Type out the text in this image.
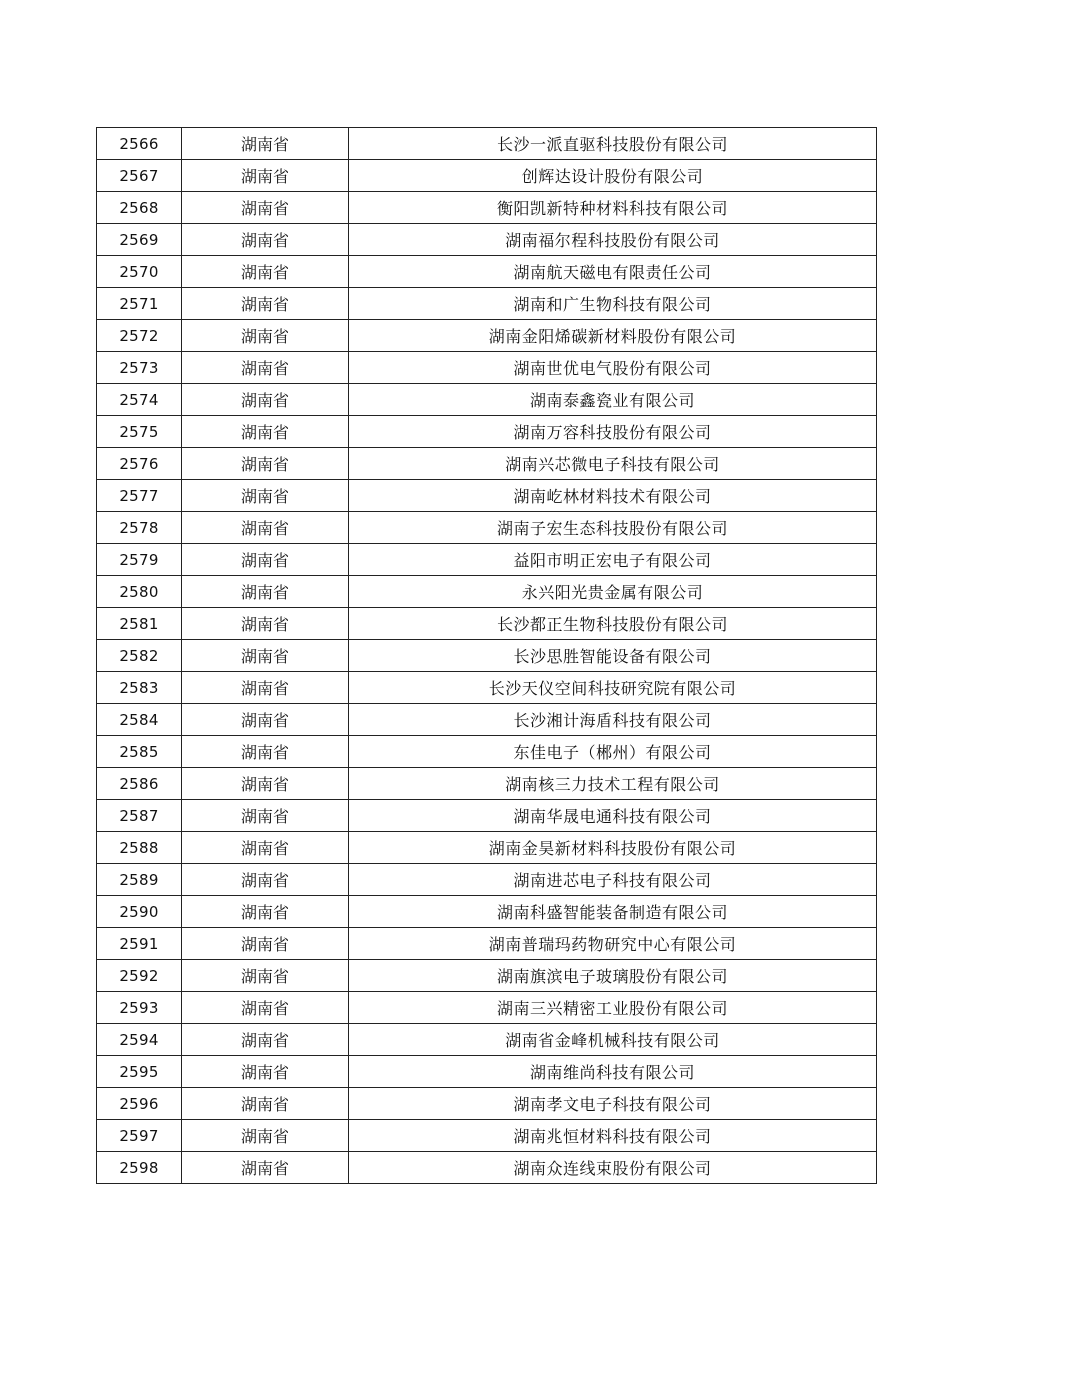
2566	湖南省	长沙一派直驱科技股份有限公司
2567	湖南省	创辉达设计股份有限公司
2568	湖南省	衡阳凯新特种材料科技有限公司
2569	湖南省	湖南福尔程科技股份有限公司
2570	湖南省	湖南航天磁电有限责任公司
2571	湖南省	湖南和广生物科技有限公司
2572	湖南省	湖南金阳烯碳新材料股份有限公司
2573	湖南省	湖南世优电气股份有限公司
2574	湖南省	湖南泰鑫瓷业有限公司
2575	湖南省	湖南万容科技股份有限公司
2576	湖南省	湖南兴芯微电子科技有限公司
2577	湖南省	湖南屹林材料技术有限公司
2578	湖南省	湖南子宏生态科技股份有限公司
2579	湖南省	益阳市明正宏电子有限公司
2580	湖南省	永兴阳光贵金属有限公司
2581	湖南省	长沙都正生物科技股份有限公司
2582	湖南省	长沙思胜智能设备有限公司
2583	湖南省	长沙天仪空间科技研究院有限公司
2584	湖南省	长沙湘计海盾科技有限公司
2585	湖南省	东佳电子（郴州）有限公司
2586	湖南省	湖南核三力技术工程有限公司
2587	湖南省	湖南华晟电通科技有限公司
2588	湖南省	湖南金昊新材料科技股份有限公司
2589	湖南省	湖南进芯电子科技有限公司
2590	湖南省	湖南科盛智能装备制造有限公司
2591	湖南省	湖南普瑞玛药物研究中心有限公司
2592	湖南省	湖南旗滨电子玻璃股份有限公司
2593	湖南省	湖南三兴精密工业股份有限公司
2594	湖南省	湖南省金峰机械科技有限公司
2595	湖南省	湖南维尚科技有限公司
2596	湖南省	湖南孝文电子科技有限公司
2597	湖南省	湖南兆恒材料科技有限公司
2598	湖南省	湖南众连线束股份有限公司
